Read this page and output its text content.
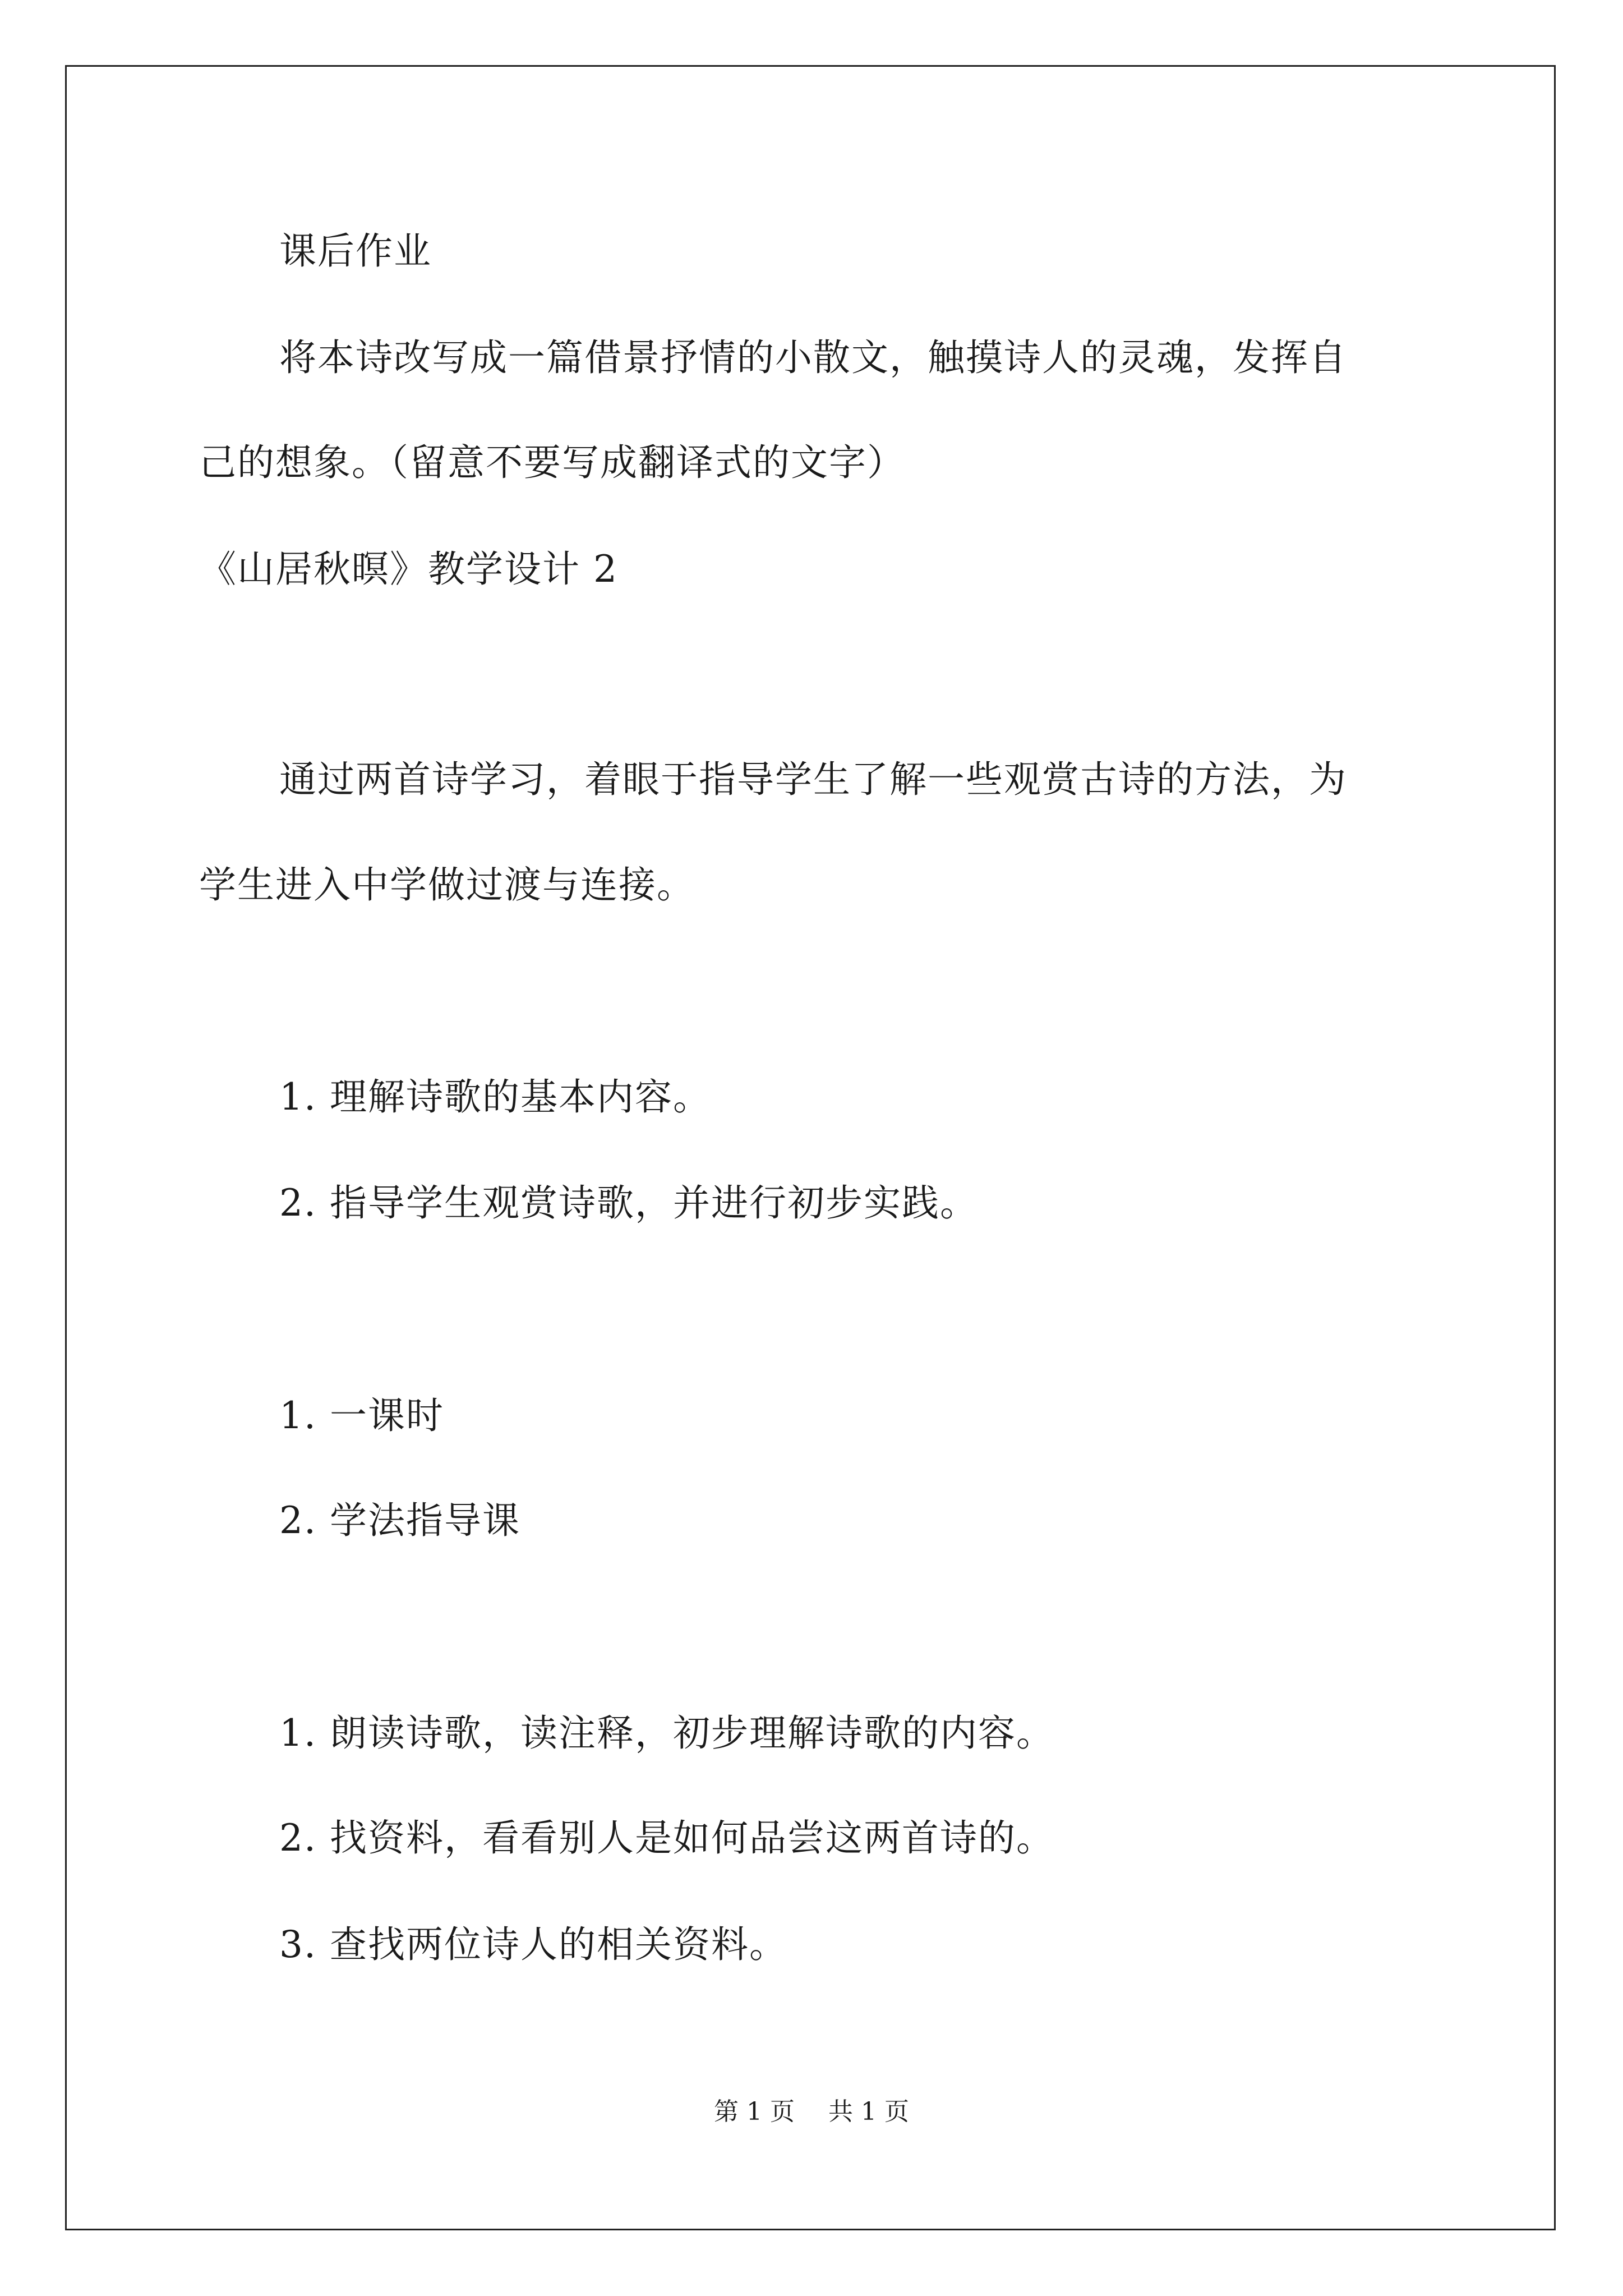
课后作业
将本诗改写成一篇借景抒情的小散文，触摸诗人的灵魂，发挥自
己的想象。（留意不要写成翻译式的文字）
《山居秋暝》教学设计 2
通过两首诗学习，着眼于指导学生了解一些观赏古诗的方法，为
学生进入中学做过渡与连接。
1. 理解诗歌的基本内容。
2. 指导学生观赏诗歌，并进行初步实践。
1. 一课时
2. 学法指导课
1. 朗读诗歌，读注释，初步理解诗歌的内容。
2. 找资料，看看别人是如何品尝这两首诗的。
3. 查找两位诗人的相关资料。
第 1 页 共 1 页
